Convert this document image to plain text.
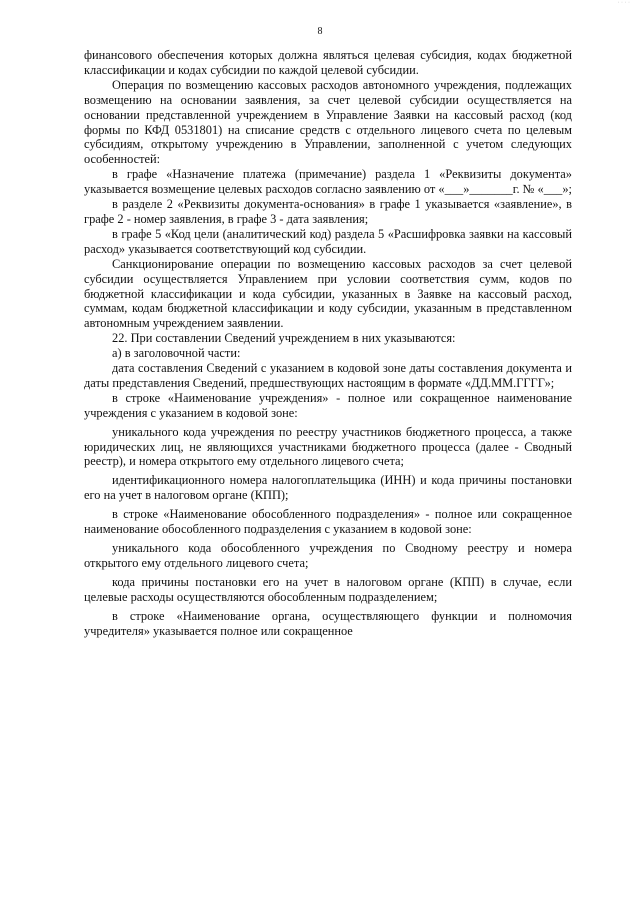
· · · ·
8

финансового обеспечения которых должна являться целевая субсидия, кодах бюджетной классификации и кодах субсидии по каждой целевой субсидии.

Операция по возмещению кассовых расходов автономного учреждения, подлежащих возмещению на основании заявления, за счет целевой субсидии осуществляется на основании представленной учреждением в Управление Заявки на кассовый расход (код формы по КФД 0531801) на списание средств с отдельного лицевого счета по целевым субсидиям, открытому учреждению в Управлении, заполненной с учетом следующих особенностей:

в графе «Назначение платежа (примечание) раздела 1 «Реквизиты документа» указывается возмещение целевых расходов согласно заявлению от «___»_______г. № «___»;

в разделе 2 «Реквизиты документа-основания» в графе 1 указывается «заявление», в графе 2 - номер заявления, в графе 3 - дата заявления;

в графе 5 «Код цели (аналитический код) раздела 5 «Расшифровка заявки на кассовый расход» указывается соответствующий код субсидии.

Санкционирование операции по возмещению кассовых расходов за счет целевой субсидии осуществляется Управлением при условии соответствия сумм, кодов по бюджетной классификации и кода субсидии, указанных в Заявке на кассовый расход, суммам, кодам бюджетной классификации и коду субсидии, указанным в представленном автономным учреждением заявлении.

22. При составлении Сведений учреждением в них указываются:

а) в заголовочной части:

дата составления Сведений с указанием в кодовой зоне даты составления документа и даты представления Сведений, предшествующих настоящим в формате «ДД.ММ.ГГГГ»;

в строке «Наименование учреждения» - полное или сокращенное наименование учреждения с указанием в кодовой зоне:

уникального кода учреждения по реестру участников бюджетного процесса, а также юридических лиц, не являющихся участниками бюджетного процесса (далее - Сводный реестр), и номера открытого ему отдельного лицевого счета;

идентификационного номера налогоплательщика (ИНН) и кода причины постановки его на учет в налоговом органе (КПП);

в строке «Наименование обособленного подразделения» - полное или сокращенное наименование обособленного подразделения с указанием в кодовой зоне:

уникального кода обособленного учреждения по Сводному реестру и номера открытого ему отдельного лицевого счета;

кода причины постановки его на учет в налоговом органе (КПП) в случае, если целевые расходы осуществляются обособленным подразделением;

в строке «Наименование органа, осуществляющего функции и полномочия учредителя» указывается полное или сокращенное
